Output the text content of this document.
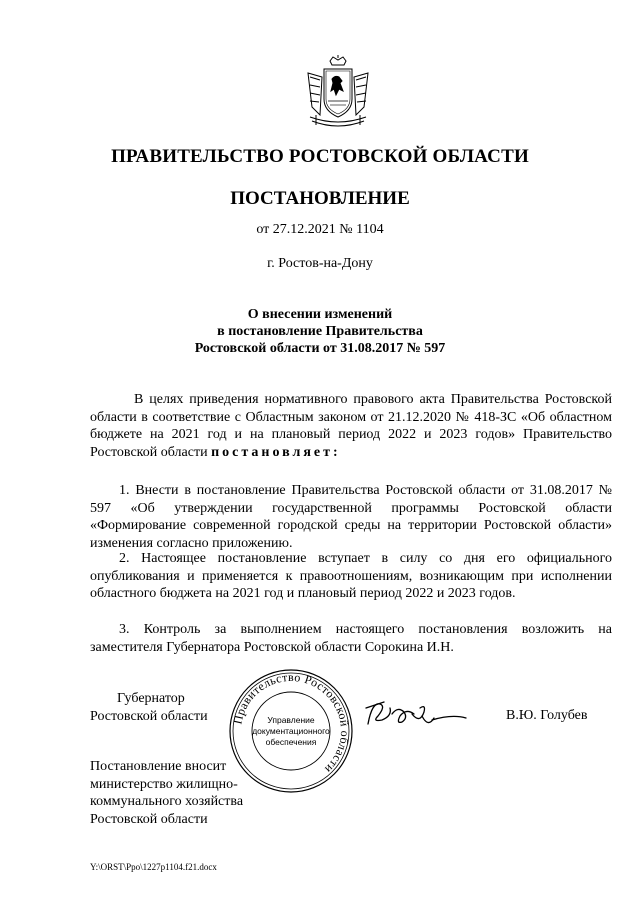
ПРАВИТЕЛЬСТВО РОСТОВСКОЙ ОБЛАСТИ
ПОСТАНОВЛЕНИЕ
от 27.12.2021 № 1104
г. Ростов-на-Дону
О внесении изменений
в постановление Правительства
Ростовской области от 31.08.2017 № 597
В целях приведения нормативного правового акта Правительства Ростовской области в соответствие с Областным законом от 21.12.2020 № 418-ЗС «Об областном бюджете на 2021 год и на плановый период 2022 и 2023 годов» Правительство Ростовской области постановляет:
1. Внести в постановление Правительства Ростовской области от 31.08.2017 № 597 «Об утверждении государственной программы Ростовской области «Формирование современной городской среды на территории Ростовской области» изменения согласно приложению.
2. Настоящее постановление вступает в силу со дня его официального опубликования и применяется к правоотношениям, возникающим при исполнении областного бюджета на 2021 год и плановый период 2022 и 2023 годов.
3. Контроль за выполнением настоящего постановления возложить на заместителя Губернатора Ростовской области Сорокина И.Н.
Губернатор
Ростовской области Правительство Ростовской области
Управление
документационного
обеспечения
В.Ю. Голубев
Постановление вносит
министерство жилищно-
коммунального хозяйства
Ростовской области
Y:\ORST\Ppo\1227p1104.f21.docx
